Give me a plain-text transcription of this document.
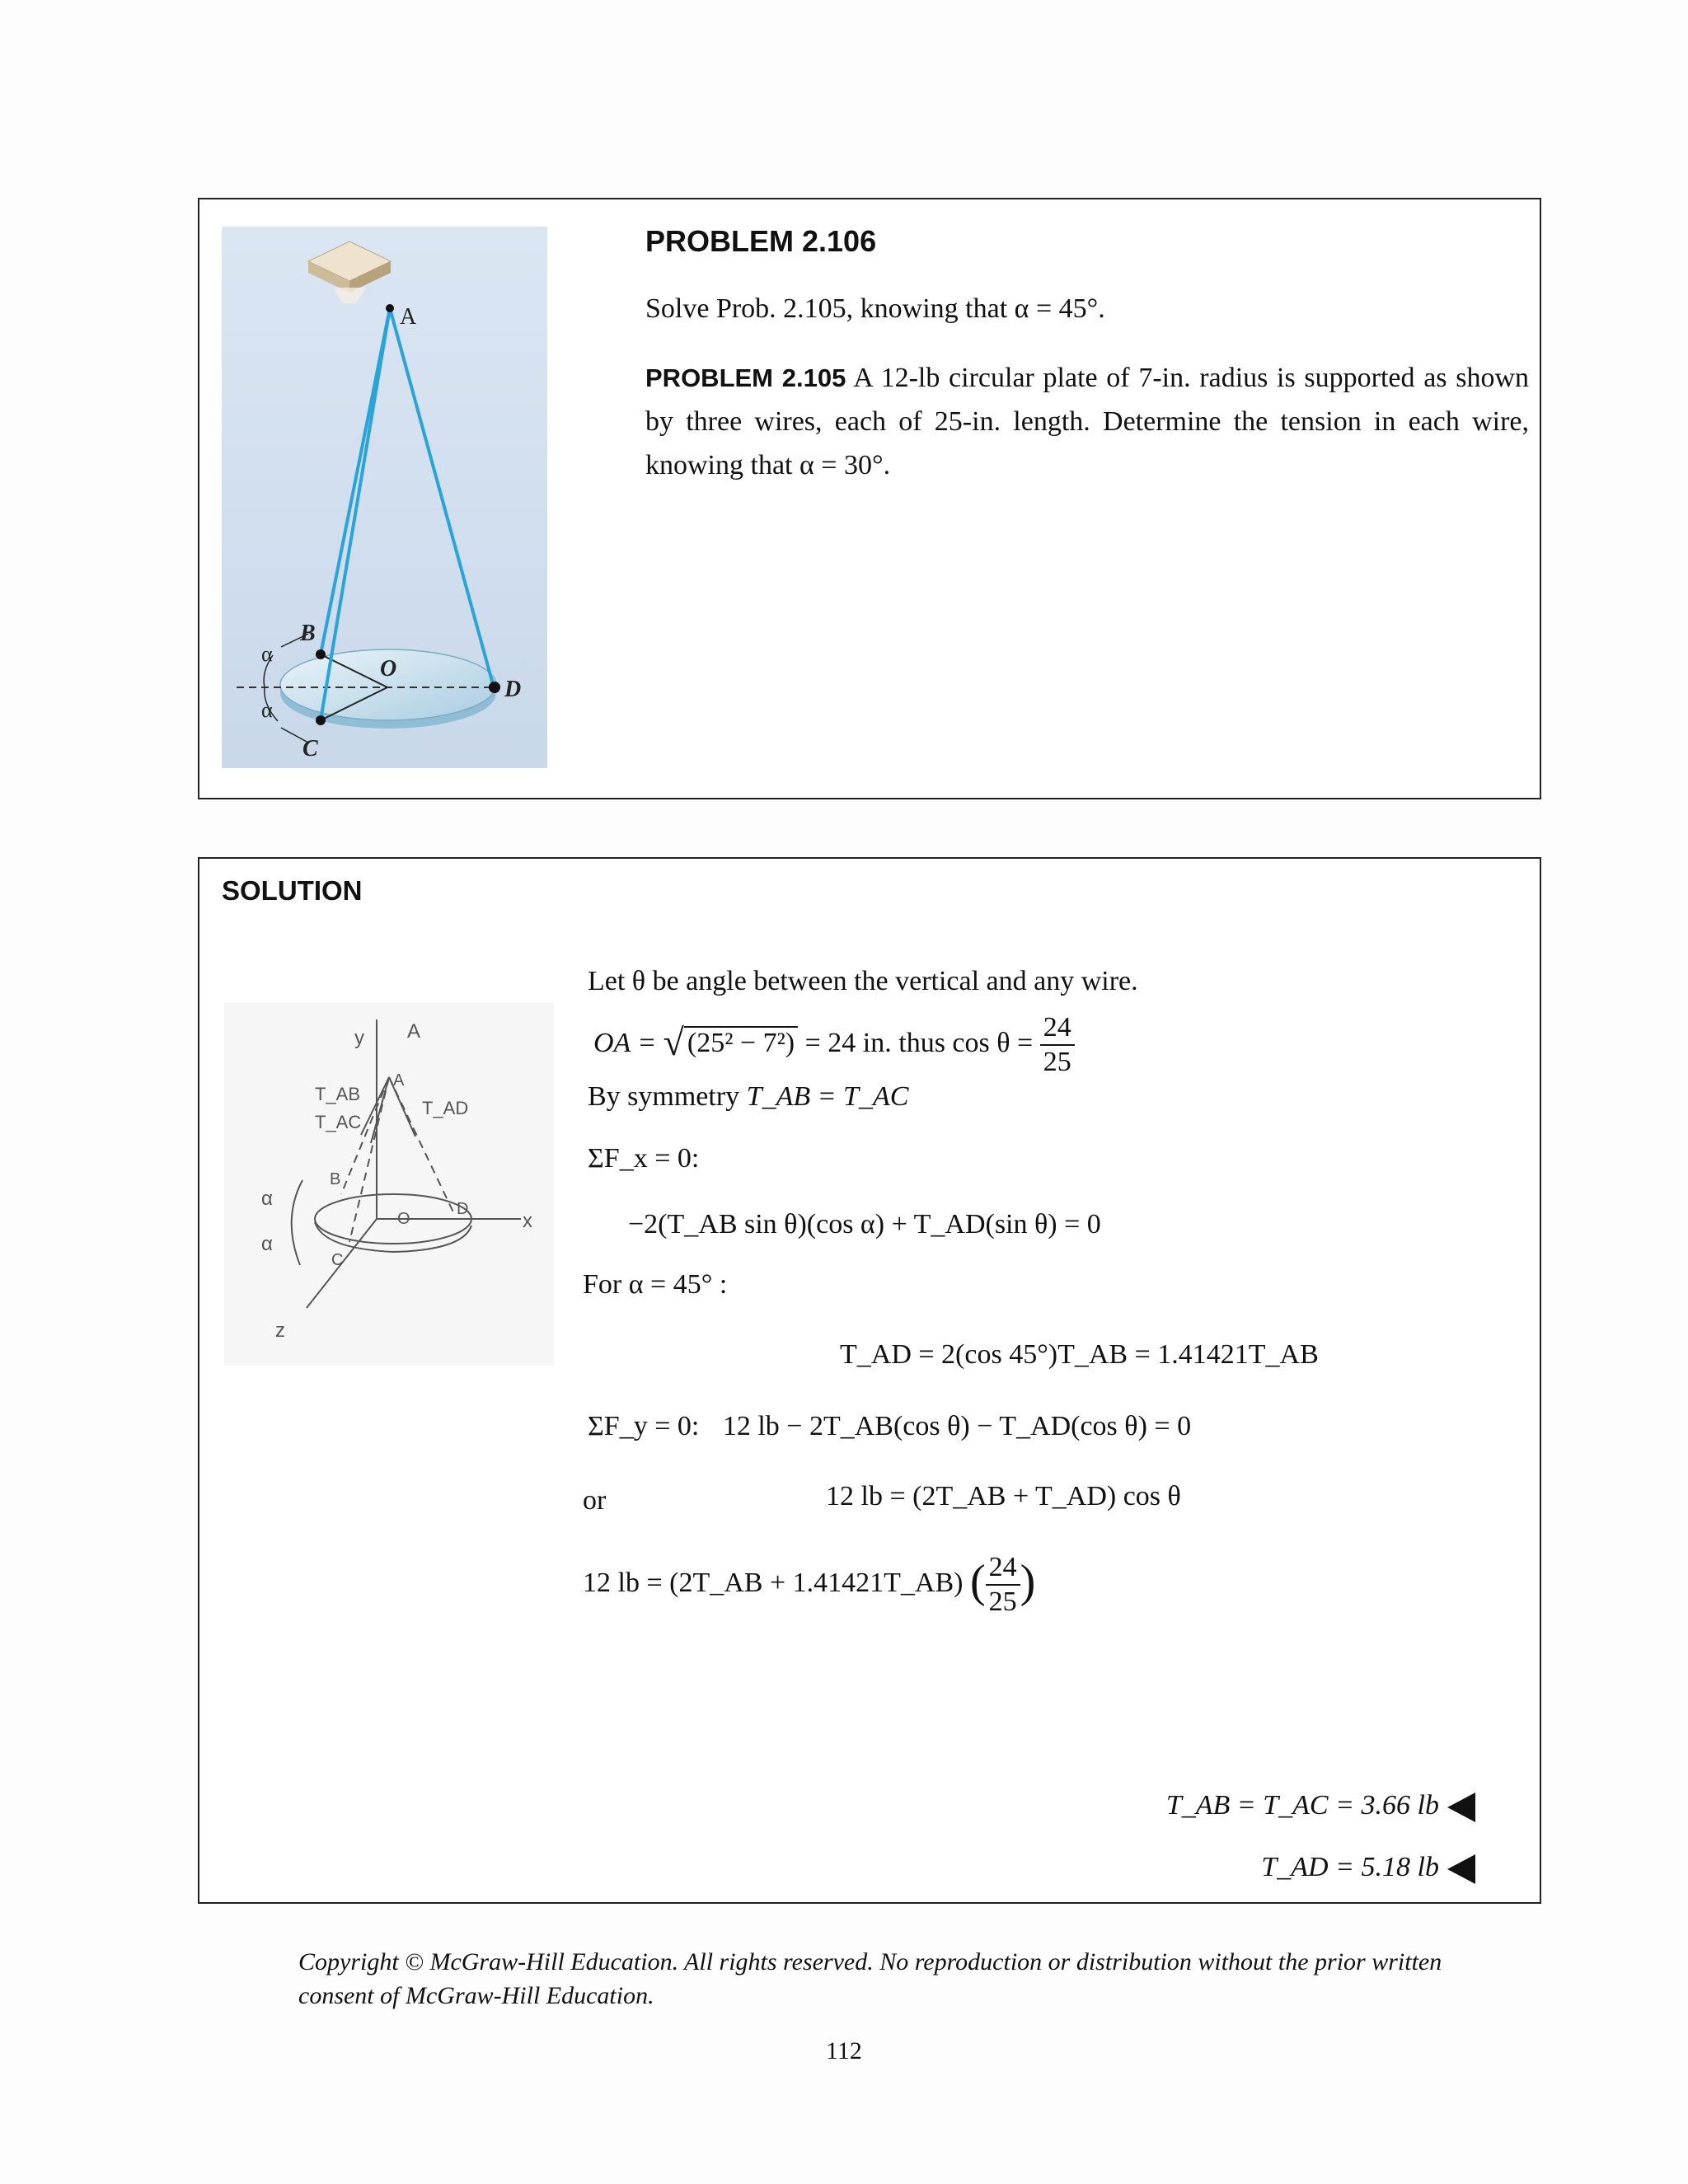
A
B
O
D
C
α
α
PROBLEM 2.106
Solve Prob. 2.105, knowing that α = 45°.
PROBLEM 2.105 A 12-lb circular plate of 7-in. radius is supported as shown by three wires, each of 25-in. length. Determine the tension in each wire, knowing that α = 30°.
SOLUTION
y A
A
T_AB
T_AC
T_AD
B
O
D
C
x
z
α
α
Let θ be angle between the vertical and any wire.
OA = √ (25² − 7²) = 24 in. thus $\cos \theta = \frac{24}{25}$
By symmetry T_AB = T_AC
ΣF_x = 0:
−2(T_AB sin θ)(cos α) + T_AD(sin θ) = 0
For α = 45° :
T_AD = 2(cos 45°)T_AB = 1.41421T_AB
ΣF_y = 0: 12 lb − 2T_AB(cos θ) − T_AD(cos θ) = 0
or	12 lb = (2T_AB + T_AD) cos θ
12 lb = (2T_AB + 1.41421T_AB) ( $\frac{24}{25}$ )
T_AB = T_AC = 3.66 lb
T_AD = 5.18 lb
Copyright © McGraw-Hill Education. All rights reserved. No reproduction or distribution without the prior written consent of McGraw-Hill Education.
112
